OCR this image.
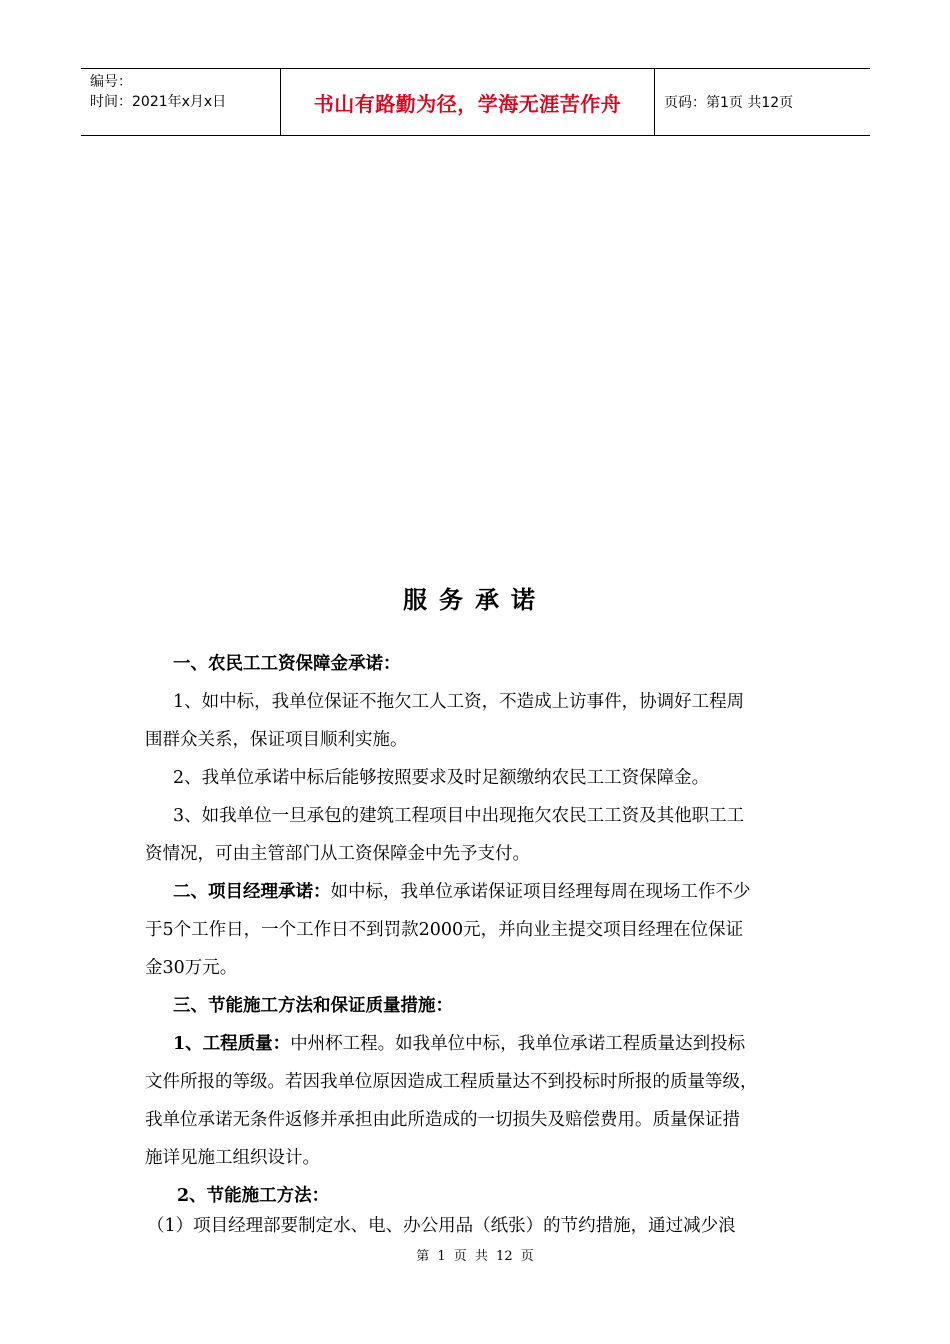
编号：
时间：2021年x月x日	书山有路勤为径，学海无涯苦作舟	页码：第1页 共12页
服务承诺
一、农民工工资保障金承诺：
1、如中标，我单位保证不拖欠工人工资，不造成上访事件，协调好工程周
围群众关系，保证项目顺利实施。
2、我单位承诺中标后能够按照要求及时足额缴纳农民工工资保障金。
3、如我单位一旦承包的建筑工程项目中出现拖欠农民工工资及其他职工工
资情况，可由主管部门从工资保障金中先予支付。
二、项目经理承诺：如中标，我单位承诺保证项目经理每周在现场工作不少
于5个工作日，一个工作日不到罚款2000元，并向业主提交项目经理在位保证
金30万元。
三、节能施工方法和保证质量措施：
1、工程质量：中州杯工程。如我单位中标，我单位承诺工程质量达到投标
文件所报的等级。若因我单位原因造成工程质量达不到投标时所报的质量等级，
我单位承诺无条件返修并承担由此所造成的一切损失及赔偿费用。质量保证措
施详见施工组织设计。
2、节能施工方法：
（1）项目经理部要制定水、电、办公用品（纸张）的节约措施，通过减少浪
第 1 页 共 12 页
